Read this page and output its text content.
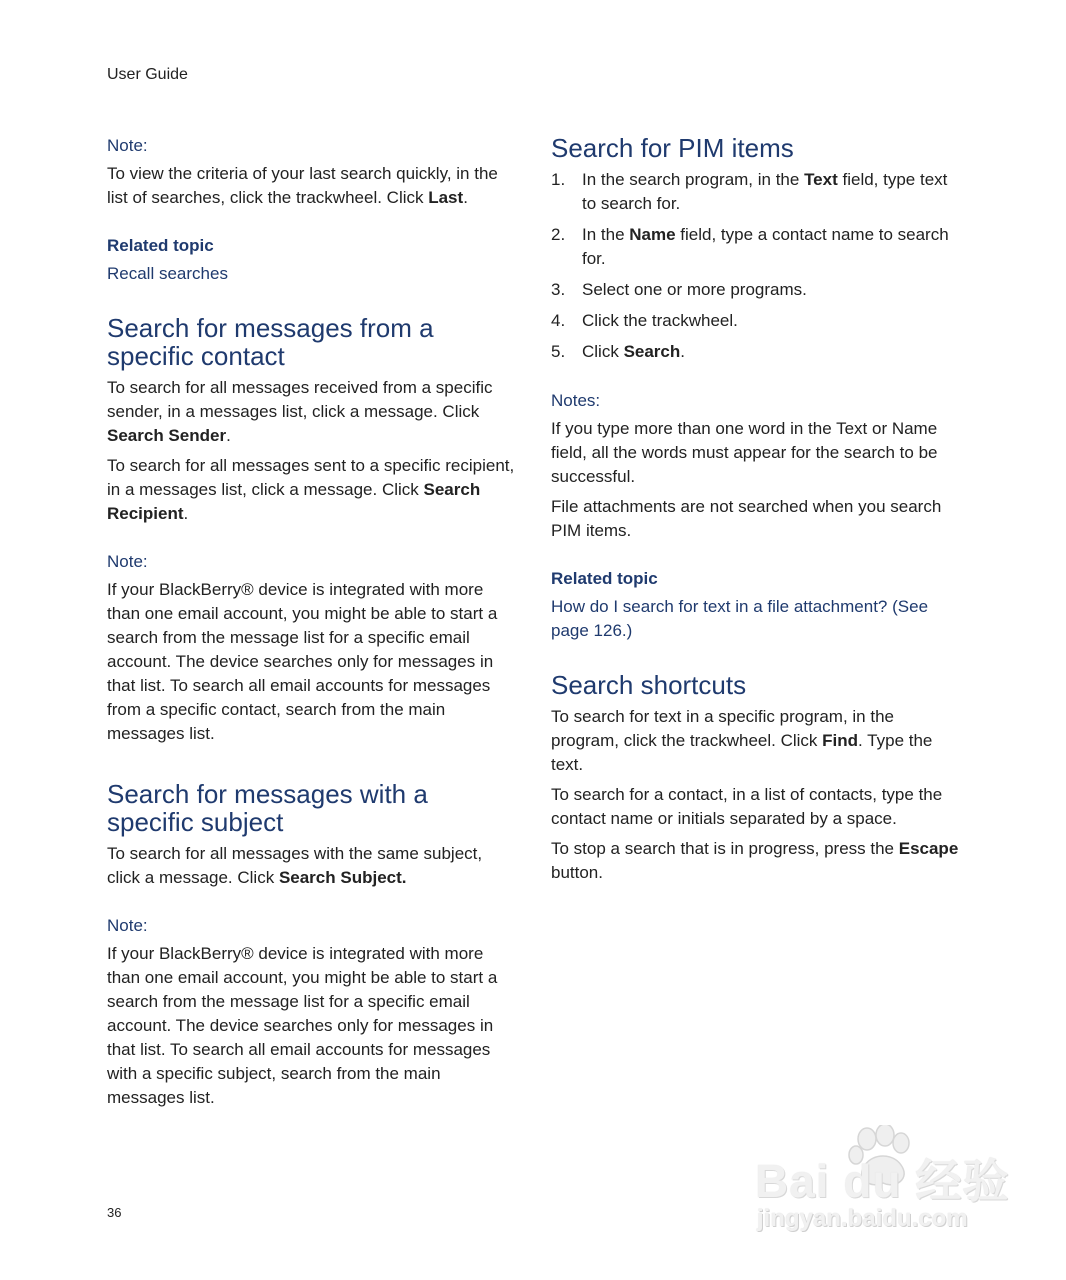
User Guide
Note:

To view the criteria of your last search quickly, in the list of searches, click the trackwheel. Click Last.

Related topic
Recall searches
Search for messages from a specific contact

To search for all messages received from a specific sender, in a messages list, click a message. Click Search Sender.

To search for all messages sent to a specific recipient, in a messages list, click a message. Click Search Recipient.

Note:

If your BlackBerry® device is integrated with more than one email account, you might be able to start a search from the message list for a specific email account. The device searches only for messages in that list. To search all email accounts for messages from a specific contact, search from the main messages list.

Search for messages with a specific subject

To search for all messages with the same subject, click a message. Click Search Subject.

Note:

If your BlackBerry® device is integrated with more than one email account, you might be able to start a search from the message list for a specific email account. The device searches only for messages in that list. To search all email accounts for messages with a specific subject, search from the main messages list.

Search for PIM items
1. In the search program, in the Text field, type text to search for.
2. In the Name field, type a contact name to search for.
3. Select one or more programs.
4. Click the trackwheel.
5. Click Search.
Notes:

If you type more than one word in the Text or Name field, all the words must appear for the search to be successful.

File attachments are not searched when you search PIM items.

Related topic
How do I search for text in a file attachment? (See page 126.)
Search shortcuts

To search for text in a specific program, in the program, click the trackwheel. Click Find. Type the text.

To search for a contact, in a list of contacts, type the contact name or initials separated by a space.

To stop a search that is in progress, press the Escape button.

36
Bai du 经验
jingyan.baidu.com
